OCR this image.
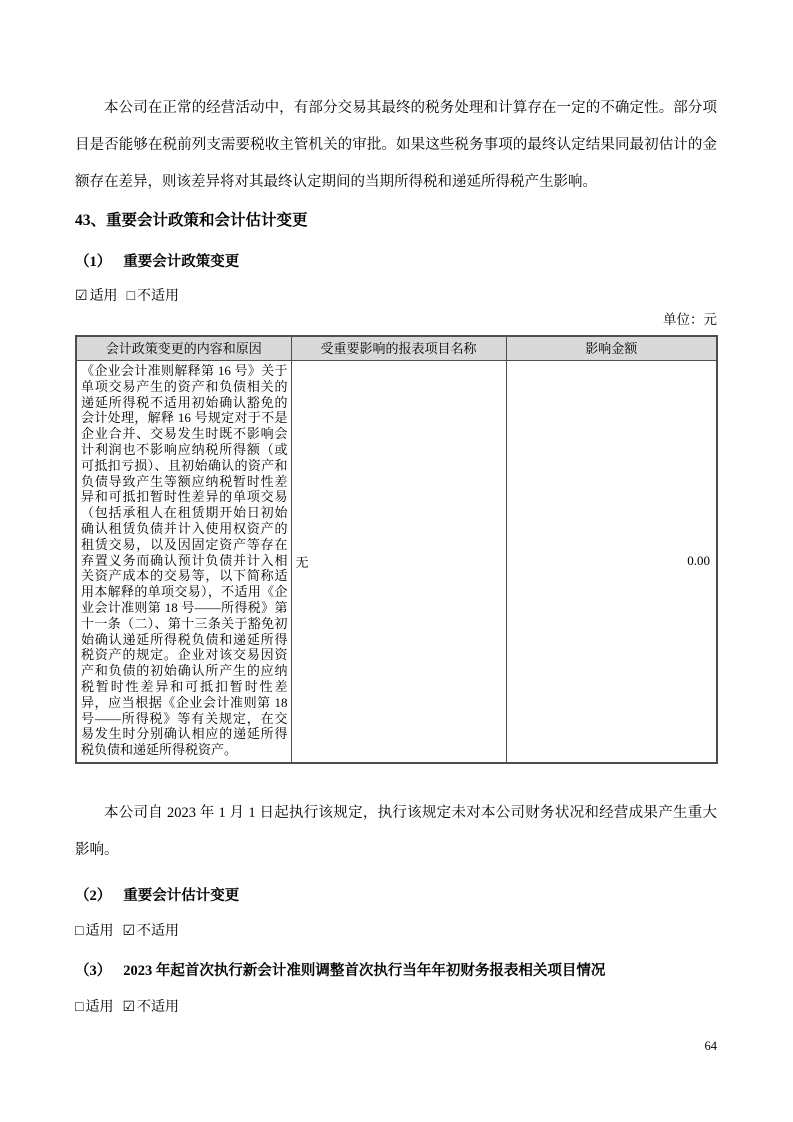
本公司在正常的经营活动中，有部分交易其最终的税务处理和计算存在一定的不确定性。部分项目是否能够在税前列支需要税收主管机关的审批。如果这些税务事项的最终认定结果同最初估计的金额存在差异，则该差异将对其最终认定期间的当期所得税和递延所得税产生影响。

43、重要会计政策和会计估计变更
（1） 重要会计政策变更

☑ 适用 □ 不适用

单位：元

会计政策变更的内容和原因	受重要影响的报表项目名称	影响金额
《企业会计准则解释第 16 号》关于单项交易产生的资产和负债相关的递延所得税不适用初始确认豁免的会计处理，解释 16 号规定对于不是企业合并、交易发生时既不影响会计利润也不影响应纳税所得额（或可抵扣亏损）、且初始确认的资产和负债导致产生等额应纳税暂时性差异和可抵扣暂时性差异的单项交易（包括承租人在租赁期开始日初始确认租赁负债并计入使用权资产的租赁交易，以及因固定资产等存在弃置义务而确认预计负债并计入相关资产成本的交易等，以下简称适用本解释的单项交易），不适用《企业会计准则第 18 号——所得税》第十一条（二）、第十三条关于豁免初始确认递延所得税负债和递延所得税资产的规定。企业对该交易因资产和负债的初始确认所产生的应纳税暂时性差异和可抵扣暂时性差异，应当根据《企业会计准则第 18 号——所得税》等有关规定，在交易发生时分别确认相应的递延所得税负债和递延所得税资产。	无	0.00

本公司自 2023 年 1 月 1 日起执行该规定，执行该规定未对本公司财务状况和经营成果产生重大影响。

（2） 重要会计估计变更

□ 适用 ☑ 不适用

（3） 2023 年起首次执行新会计准则调整首次执行当年年初财务报表相关项目情况

□ 适用 ☑ 不适用

64
